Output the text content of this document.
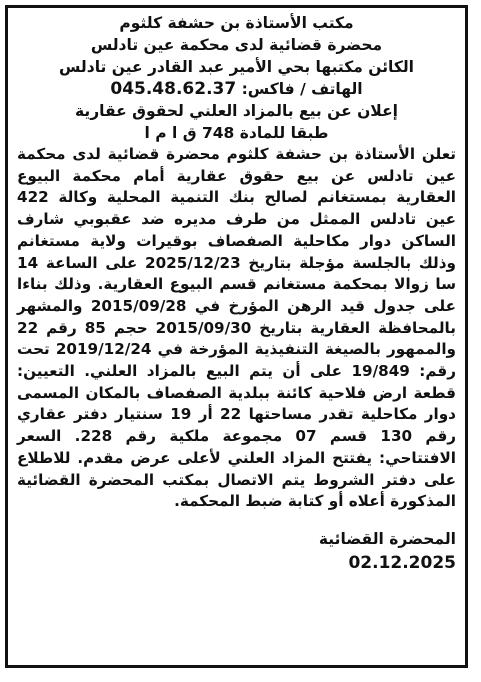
مكتب الأستاذة بن حشفة كلثوم
محضرة قضائية لدى محكمة عين تادلس
الكائن مكتبها بحي الأمير عبد القادر عين تادلس
الهاتف / فاكس: 045.48.62.37
إعلان عن بيع بالمزاد العلني لحقوق عقارية
طبقا للمادة 748 ق ا م ا

تعلن الأستاذة بن حشفة كلثوم محضرة قضائية لدى محكمة عين تادلس عن بيع حقوق عقارية أمام محكمة البيوع العقارية بمستغانم لصالح بنك التنمية المحلية وكالة 422 عين تادلس الممثل من طرف مديره ضد عقبوبي شارف الساكن دوار مكاحلية الصفصاف بوقيرات ولاية مستغانم وذلك بالجلسة مؤجلة بتاريخ 2025/12/23 على الساعة 14 سا زوالا بمحكمة مستغانم قسم البيوع العقارية. وذلك بناءا على جدول قيد الرهن المؤرخ في 2015/09/28 والمشهر بالمحافظة العقارية بتاريخ 2015/09/30 حجم 85 رقم 22 والممهور بالصيغة التنفيذية المؤرخة في 2019/12/24 تحت رقم: 19/849 على أن يتم البيع بالمزاد العلني. التعيين: قطعة ارض فلاحية كائنة ببلدية الصفصاف بالمكان المسمى دوار مكاحلية تقدر مساحتها 22 أر 19 سنتيار دفتر عقاري رقم 130 قسم 07 مجموعة ملكية رقم 228. السعر الافتتاحي: يفتتح المزاد العلني لأعلى عرض مقدم. للاطلاع على دفتر الشروط يتم الاتصال بمكتب المحضرة القضائية المذكورة أعلاه أو كتابة ضبط المحكمة.

المحضرة القضائية
02.12.2025
